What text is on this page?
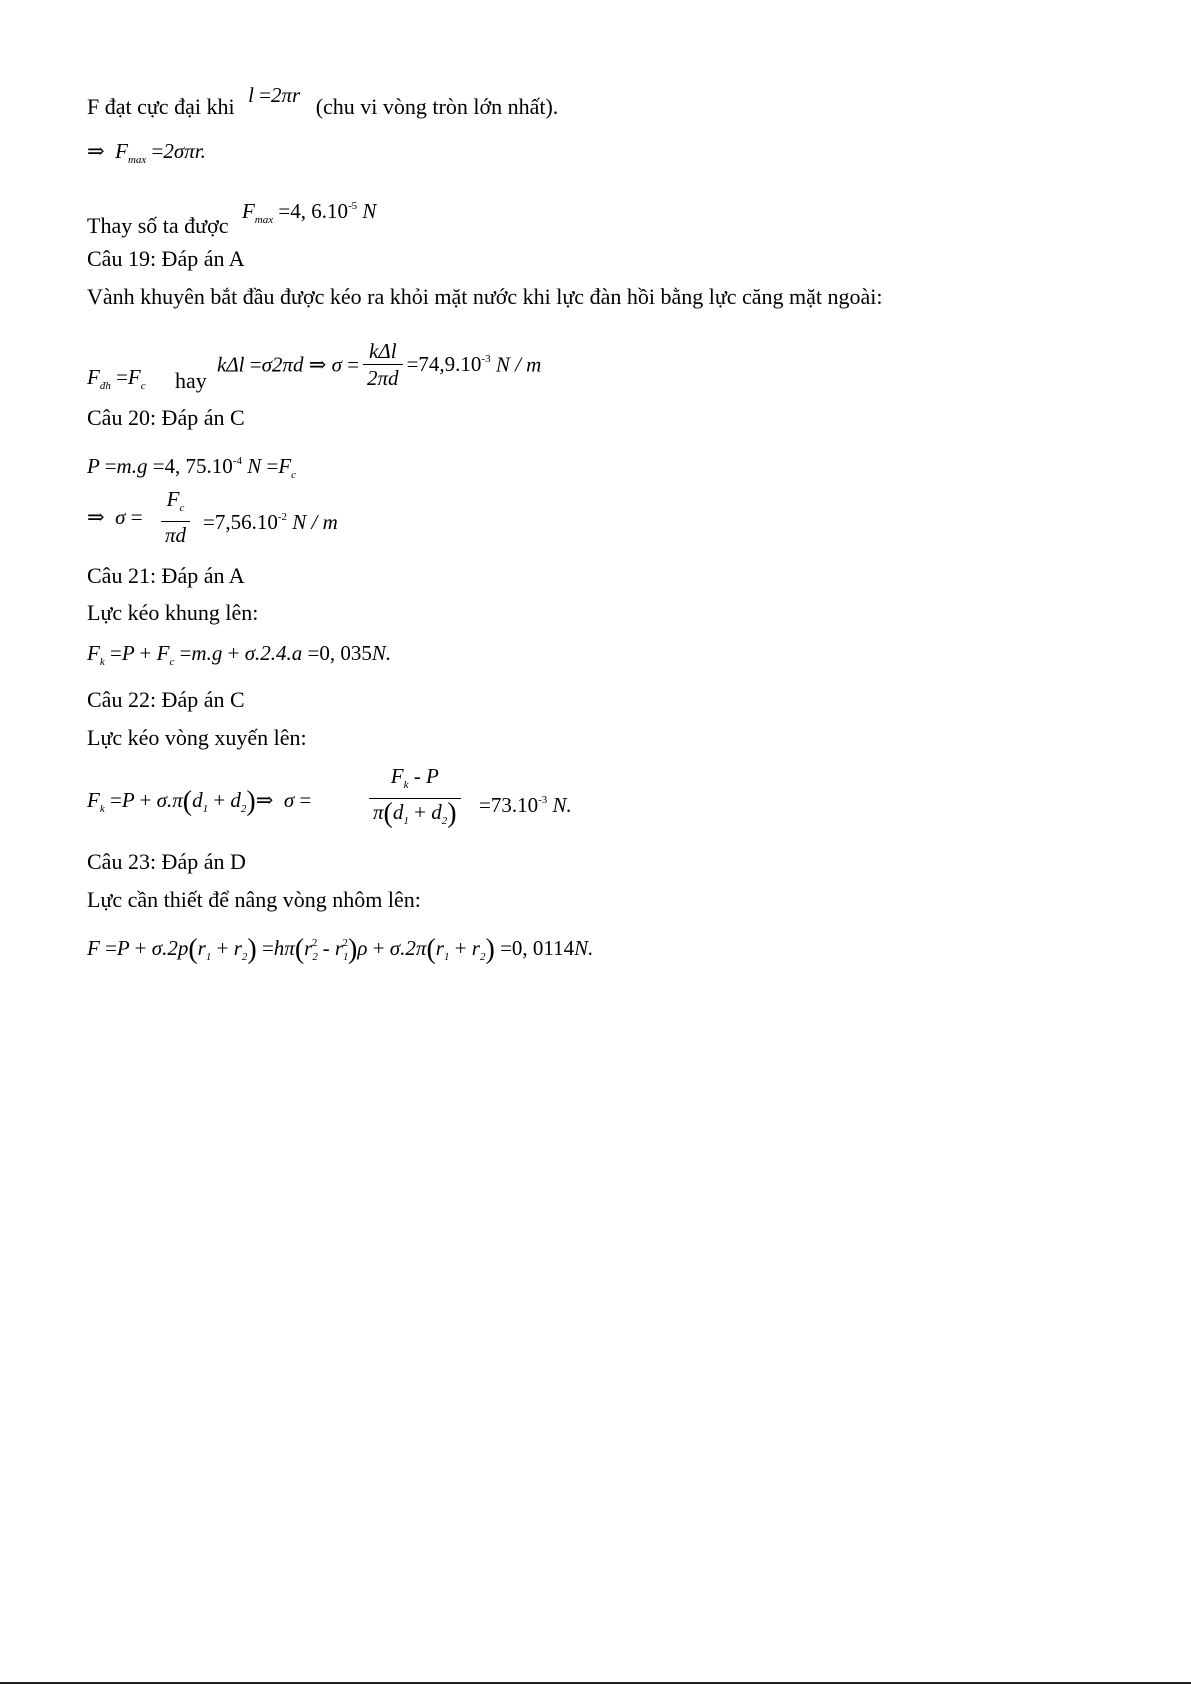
F đạt cực đại khi l =2πr (chu vi vòng tròn lớn nhất).
⇒  $F_{max} =2\sigma\pi r$.
Thay số ta được $F_{max} =4$, $6.10^{-5}$ N
Câu 19: Đáp án A
Vành khuyên bắt đầu được kéo ra khỏi mặt nước khi lực đàn hồi bằng lực căng mặt ngoài:
$F_{đh} =F_c$ hay
kΔl =σ2πd ⇒ $\sigma = \frac{\text{kΔl}}{2\pi d} =74,9.10^{-3}$ N / m
Câu 20: Đáp án C
P =m.g =4, $75.10^{-4}$ $N =F_c$
⇒  $\sigma = \frac{F_c}{\pi d} =7,56.10^{-2}$ N / m
Câu 21: Đáp án A
Lực kéo khung lên:
$F_k =P + F_c =m.g + \sigma.2.4.a =0$, 035N.
Câu 22: Đáp án C
Lực kéo vòng xuyến lên:
$F_k =P + \sigma.\pi(d_1$ + $d_2)\Rightarrow$  σ =	$\frac{F_k - P}{\pi(d_1 + d_2)} =73.10^{-3}$ N.
Câu 23: Đáp án D
Lực cần thiết để nâng vòng nhôm lên:
$F =P + \sigma.2p(r_1 + r_2) =h\pi(r_2^2 - r_1^2)\rho + \sigma.2\pi(r_1 + r_2) =0$, 0114N.
